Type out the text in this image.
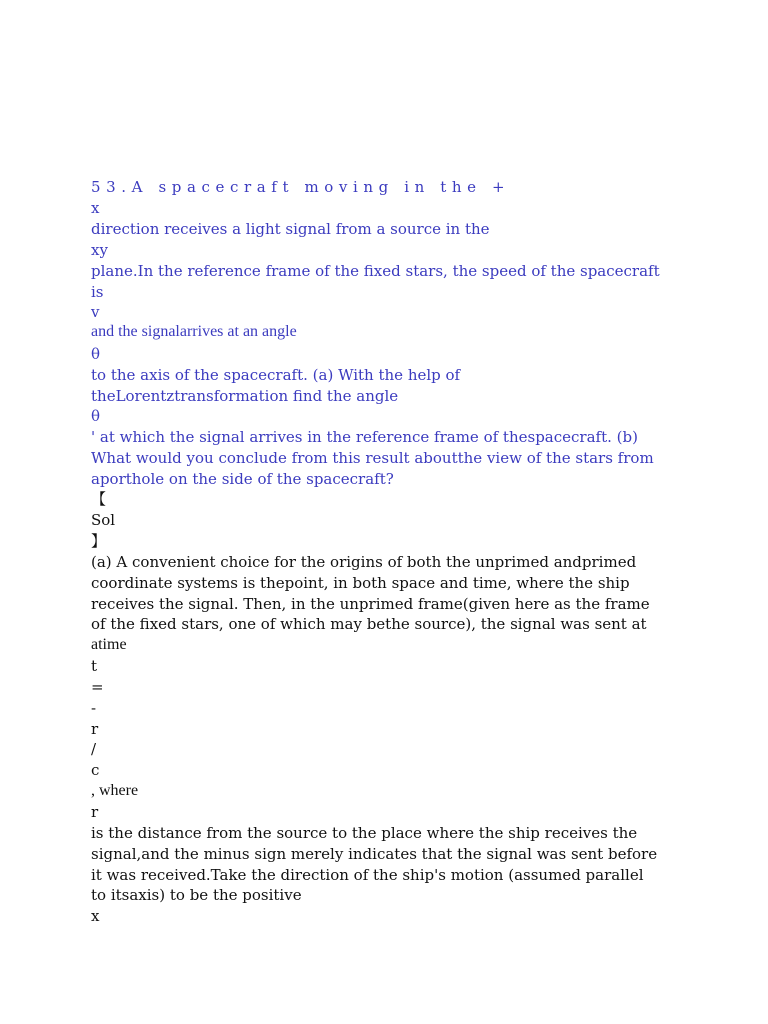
53.A spacecraft moving in the +

x

direction receives a light signal from a source in the

xy

plane.In the reference frame of the fixed stars, the speed of the spacecraft

is

v

and the signalarrives at an angle

θ

to the axis of the spacecraft. (a) With the help of

theLorentztransformation find the angle

θ

' at which the signal arrives in the reference frame of thespacecraft. (b)

What would you conclude from this result aboutthe view of the stars from

aporthole on the side of the spacecraft?

【

Sol

】

(a) A convenient choice for the origins of both the unprimed andprimed

coordinate systems is thepoint, in both space and time, where the ship

receives the signal. Then, in the unprimed frame(given here as the frame

of the fixed stars, one of which may bethe source), the signal was sent at

atime

t

=

-

r

/

c

, where

r

is the distance from the source to the place where the ship receives the

signal,and the minus sign merely indicates that the signal was sent before

it was received.Take the direction of the ship's motion (assumed parallel

to itsaxis) to be the positive

x
